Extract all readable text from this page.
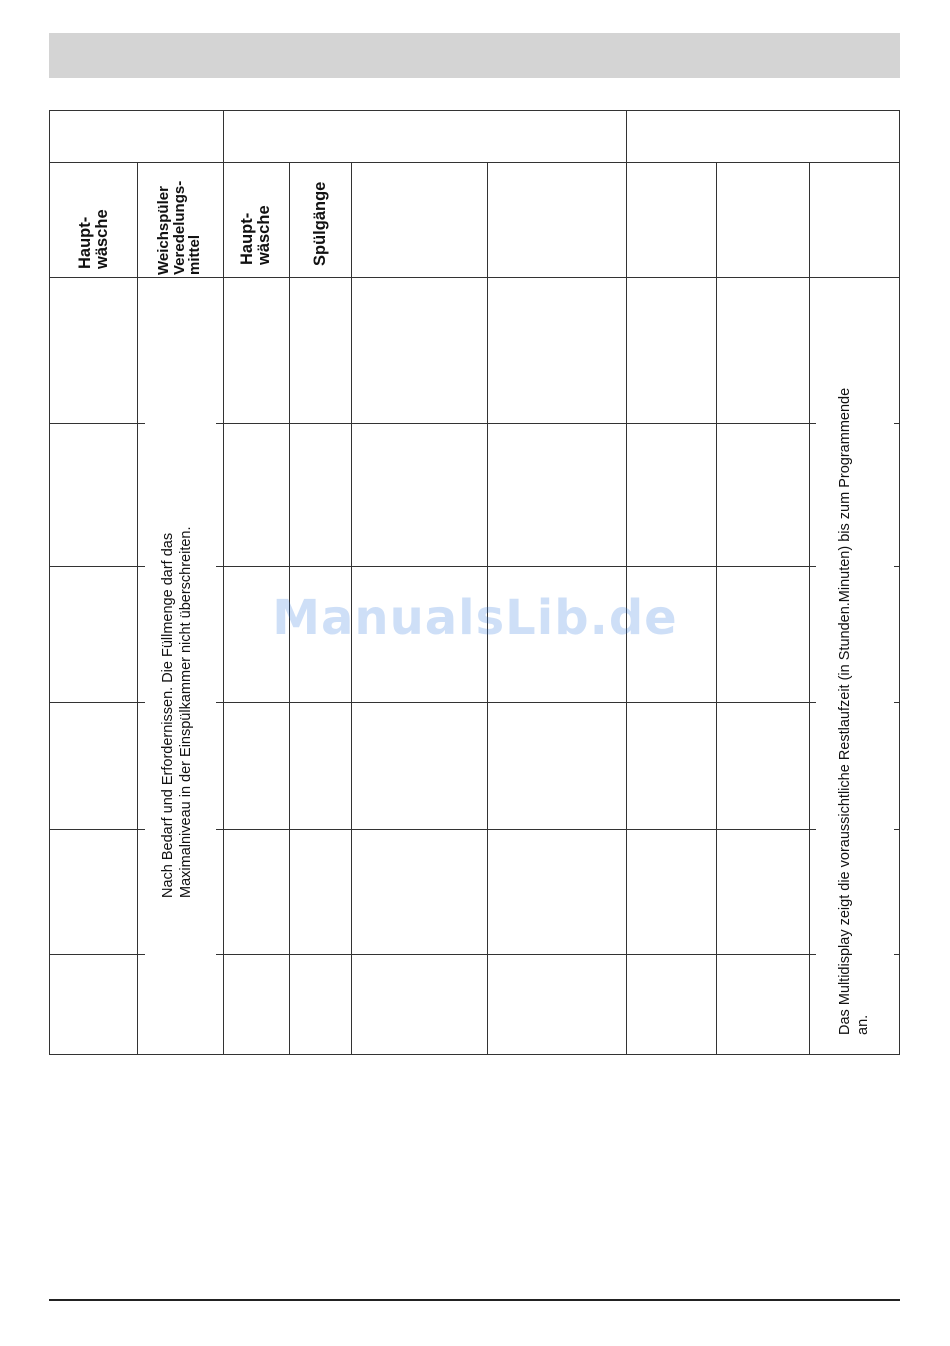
Haupt-
wäsche	Weichspüler
Veredelungs-
mittel Haupt-
wäsche Spülgänge
Nach Bedarf und Erfordernissen. Die Füllmenge darf das
Maximalniveau in der Einspülkammer nicht überschreiten.
Das Multidisplay zeigt die voraussichtliche Restlaufzeit (in Stunden.Minuten) bis zum Programmende
an.
ManualsLib.de
